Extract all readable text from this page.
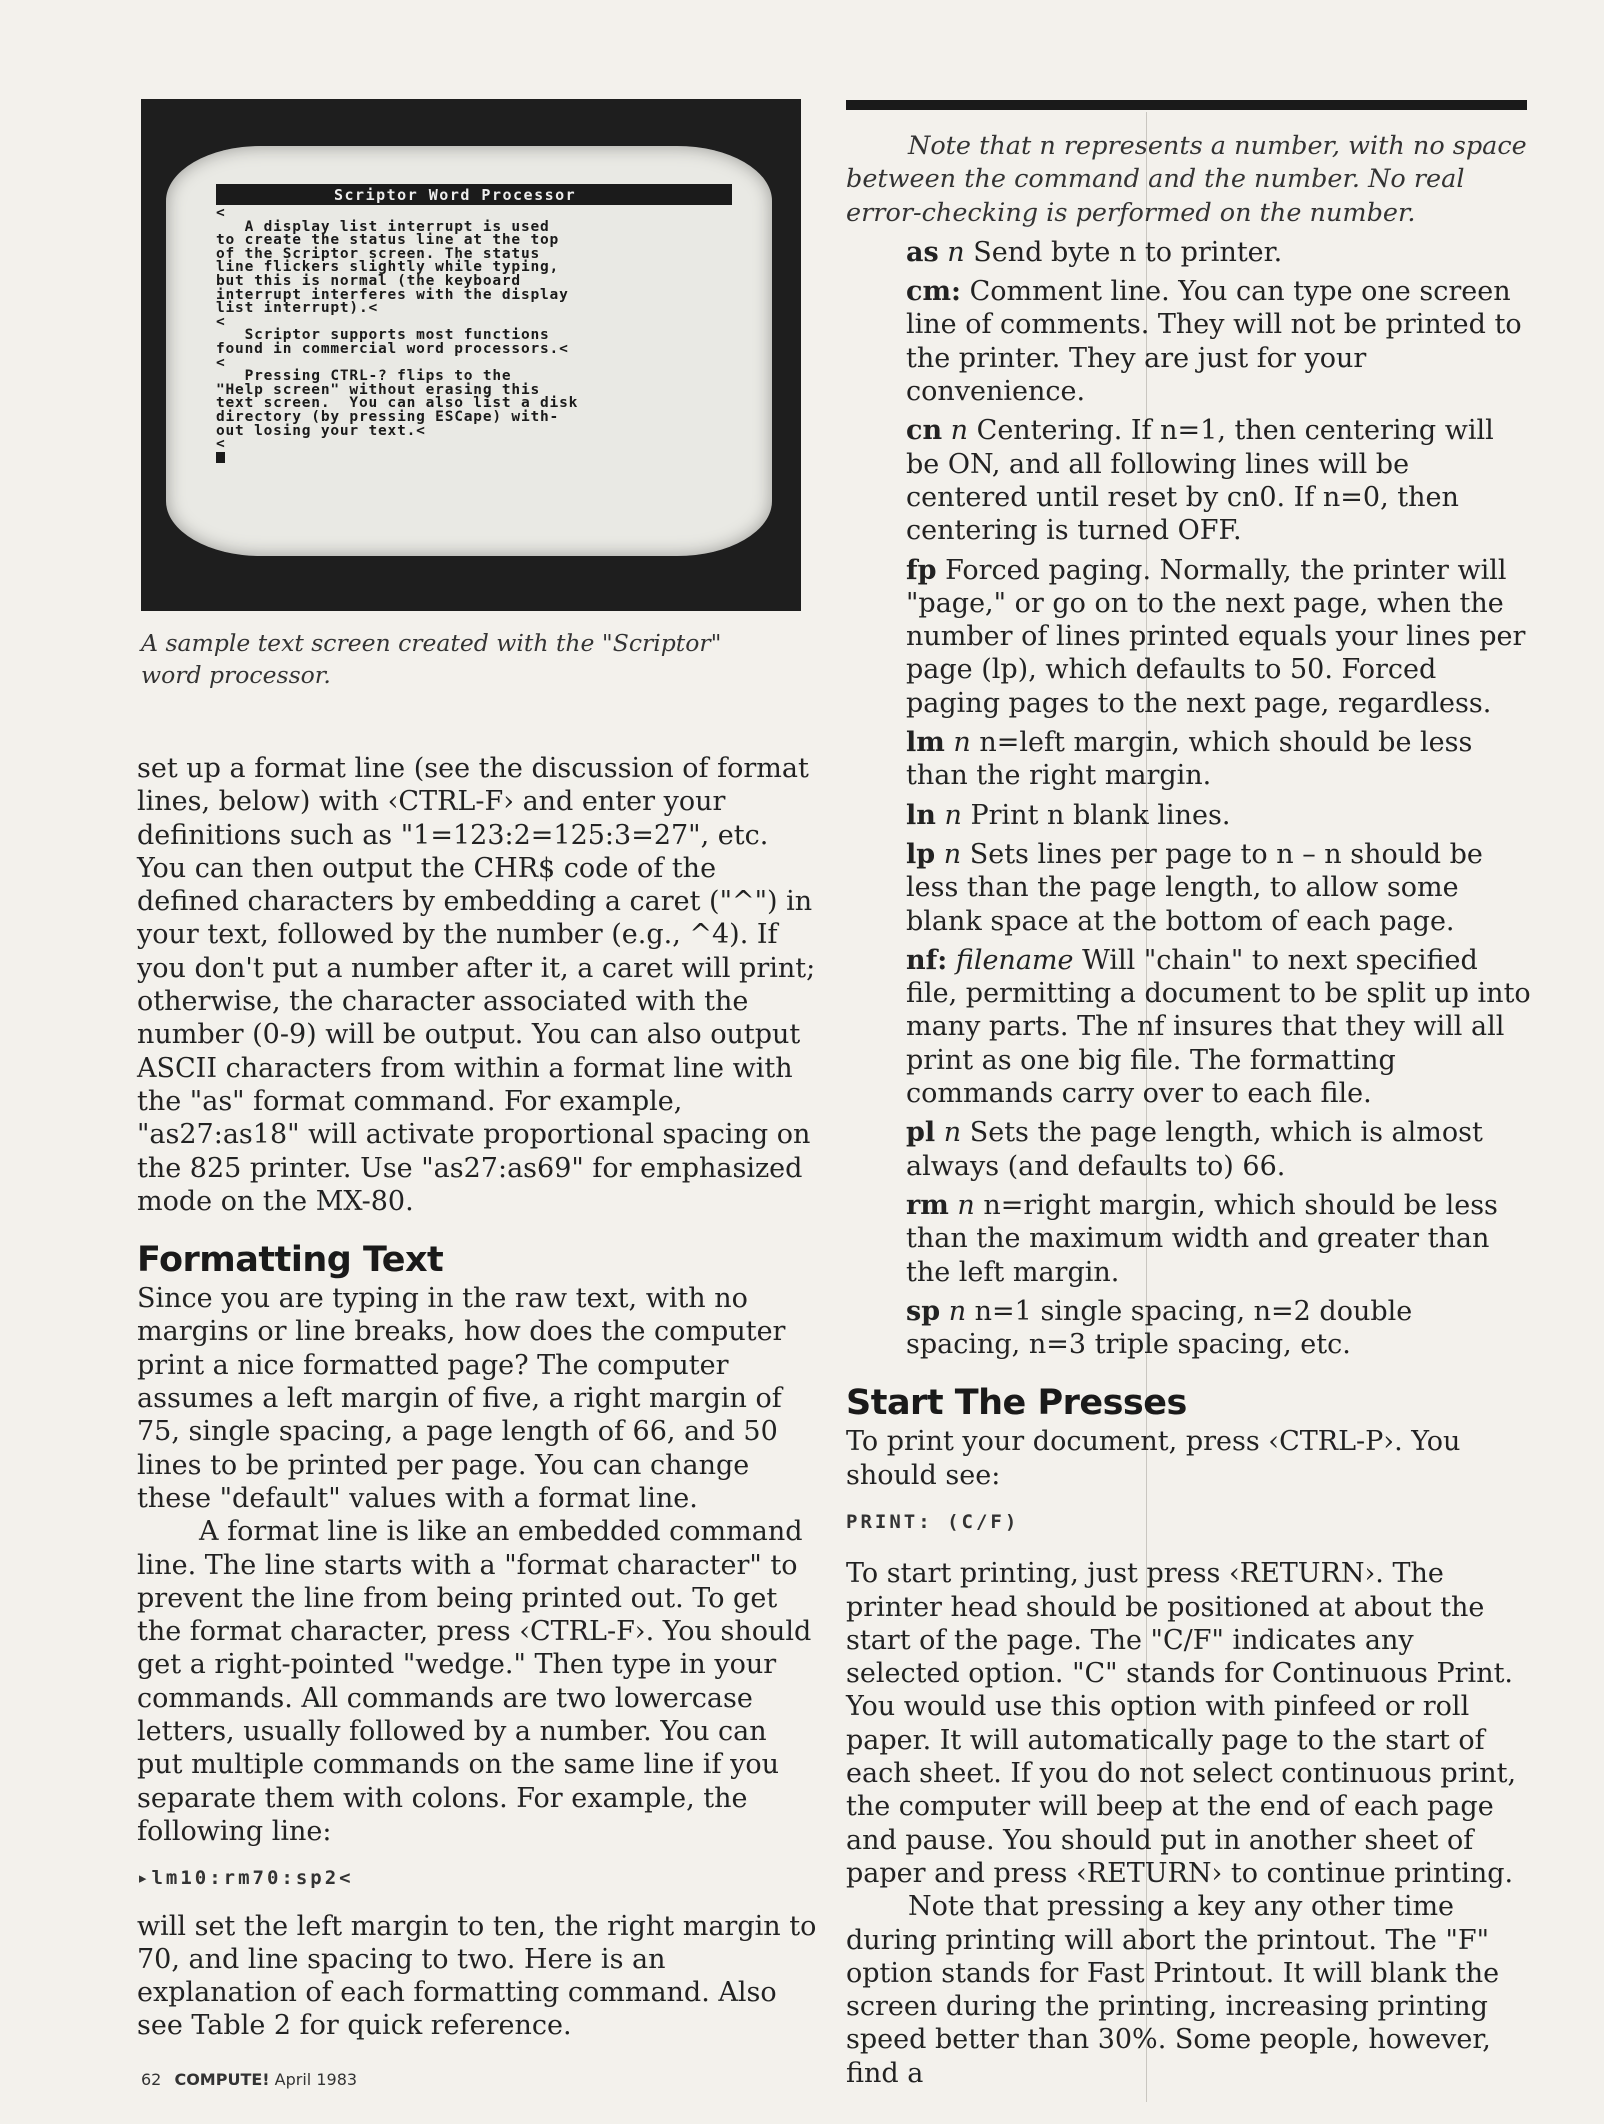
Scriptor Word Processor
<
A display list interrupt is used
to create the status line at the top
of the Scriptor screen. The status
line flickers slightly while typing,
but this is normal (the keyboard
interrupt interferes with the display
list interrupt).<
<
Scriptor supports most functions
found in commercial word processors.<
<
Pressing CTRL-? flips to the
"Help screen" without erasing this
text screen.  You can also list a disk
directory (by pressing ESCape) with-
out losing your text.<
<
A sample text screen created with the "Scriptor" word processor.

set up a format line (see the discussion of format lines, below) with ‹CTRL-F› and enter your definitions such as "1=123:2=125:3=27", etc. You can then output the CHR$ code of the defined characters by embedding a caret ("^") in your text, followed by the number (e.g., ^4). If you don't put a number after it, a caret will print; otherwise, the character associated with the number (0-9) will be output. You can also output ASCII characters from within a format line with the "as" format command. For example, "as27:as18" will activate proportional spacing on the 825 printer. Use "as27:as69" for emphasized mode on the MX-80.

Formatting Text

Since you are typing in the raw text, with no margins or line breaks, how does the computer print a nice formatted page? The computer assumes a left margin of five, a right margin of 75, single spacing, a page length of 66, and 50 lines to be printed per page. You can change these "default" values with a format line.

A format line is like an embedded command line. The line starts with a "format character" to prevent the line from being printed out. To get the format character, press ‹CTRL-F›. You should get a right-pointed "wedge." Then type in your commands. All commands are two lowercase letters, usually followed by a number. You can put multiple commands on the same line if you separate them with colons. For example, the following line:

▸lm10:rm70:sp2<

will set the left margin to ten, the right margin to 70, and line spacing to two. Here is an explanation of each formatting command. Also see Table 2 for quick reference.

Note that n represents a number, with no space between the command and the number. No real error-checking is performed on the number.

as n Send byte n to printer.
cm: Comment line. You can type one screen line of comments. They will not be printed to the printer. They are just for your convenience.
cn n Centering. If n=1, then centering will be ON, and all following lines will be centered until reset by cn0. If n=0, then centering is turned OFF.
fp Forced paging. Normally, the printer will "page," or go on to the next page, when the number of lines printed equals your lines per page (lp), which defaults to 50. Forced paging pages to the next page, regardless.
lm n n=left margin, which should be less than the right margin.
ln n Print n blank lines.
lp n Sets lines per page to n – n should be less than the page length, to allow some blank space at the bottom of each page.
nf: filename Will "chain" to next specified file, permitting a document to be split up into many parts. The nf insures that they will all print as one big file. The formatting commands carry over to each file.
pl n Sets the page length, which is almost always (and defaults to) 66.
rm n n=right margin, which should be less than the maximum width and greater than the left margin.
sp n n=1 single spacing, n=2 double spacing, n=3 triple spacing, etc.
Start The Presses

To print your document, press ‹CTRL-P›. You should see:

PRINT: (C/F)

To start printing, just press ‹RETURN›. The printer head should be positioned at about the start of the page. The "C/F" indicates any selected option. "C" stands for Continuous Print. You would use this option with pinfeed or roll paper. It will automatically page to the start of each sheet. If you do not select continuous print, the computer will beep at the end of each page and pause. You should put in another sheet of paper and press ‹RETURN› to continue printing.

Note that pressing a key any other time during printing will abort the printout. The "F" option stands for Fast Printout. It will blank the screen during the printing, increasing printing speed better than 30%. Some people, however, find a

62 COMPUTE! April 1983
